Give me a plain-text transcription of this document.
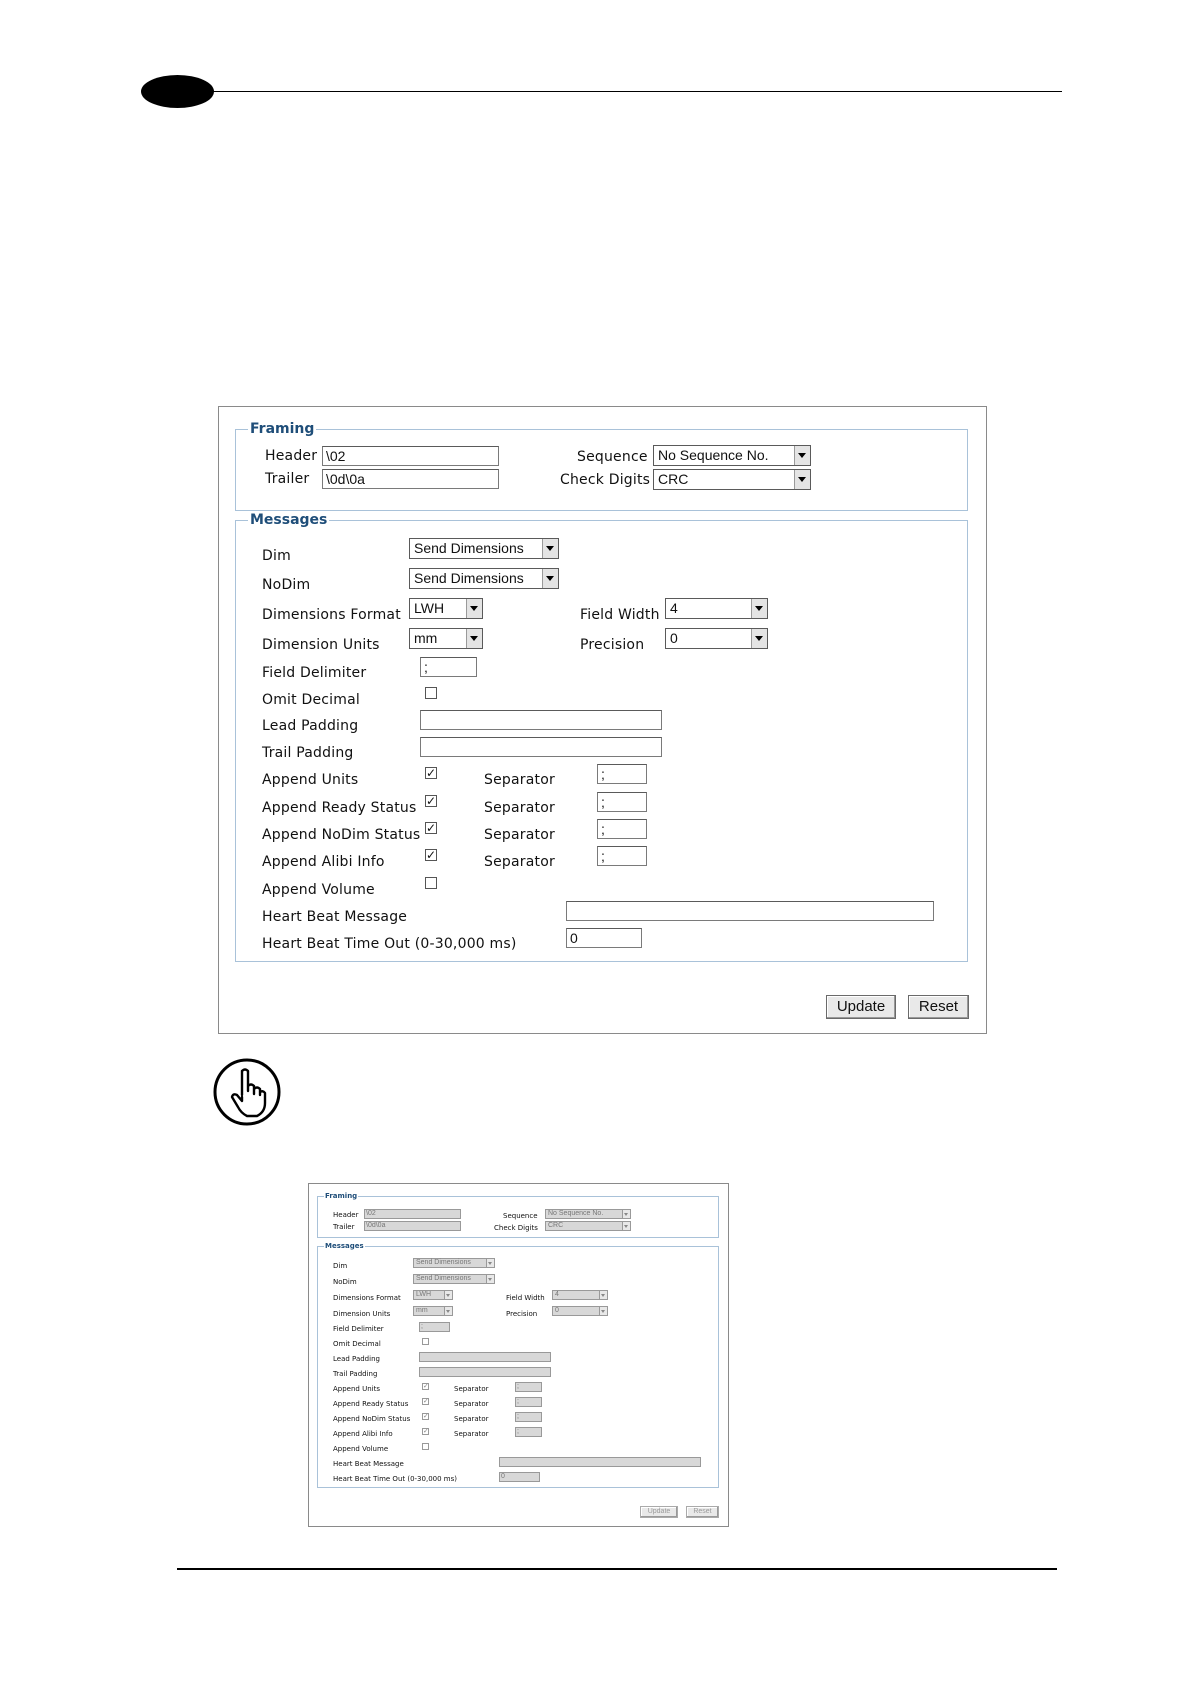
Framing
Header \02
Trailer \0d\0a
Sequence No Sequence No.
Check Digits CRC
Messages
Dim	Send Dimensions
NoDim	Send Dimensions
Dimensions Format LWH	Field Width 4
Dimension Units	mm	Precision	0
Field Delimiter	;
Omit Decimal
Lead Padding
Trail Padding
Append Units	✓	Separator	;
Append Ready Status ✓	Separator	;
Append NoDim Status ✓	Separator	;
Append Alibi Info	✓	Separator	;
Append Volume
Heart Beat Message
Heart Beat Time Out (0-30,000 ms)	0
Update	Reset
Framing
Header \02
Trailer \0d\0a
Sequence	No Sequence No.
Check Digits	CRC
Messages
Dim	Send Dimensions
NoDim	Send Dimensions
Dimensions Format	LWH	Field Width	4
Dimension Units	mm	Precision	0
Field Delimiter	;
Omit Decimal
Lead Padding
Trail Padding
Append Units	✓	Separator	;
Append Ready Status ✓	Separator	;
Append NoDim Status ✓	Separator	;
Append Alibi Info	✓	Separator	;
Append Volume
Heart Beat Message
Heart Beat Time Out (0-30,000 ms)	0
Update	Reset
